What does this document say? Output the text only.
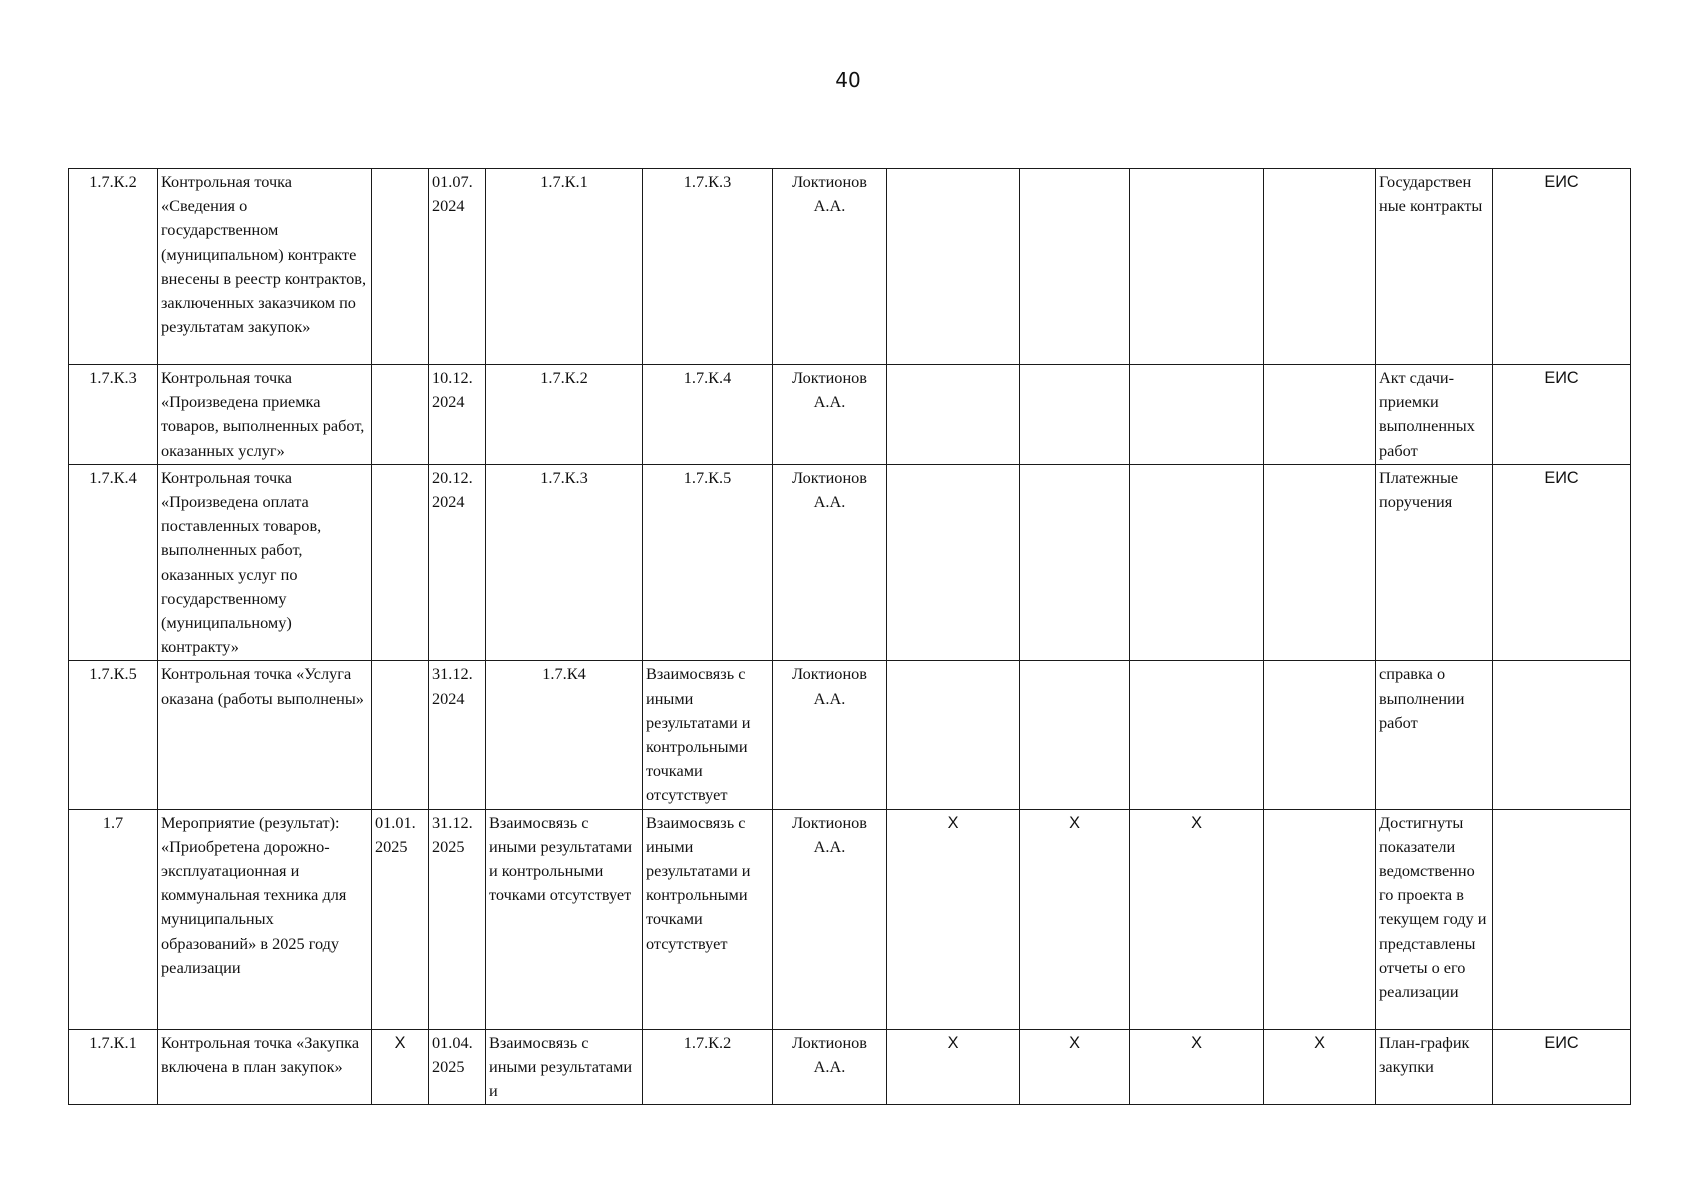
40
1.7.К.2	Контрольная точка «Сведения о государственном (муниципальном) контракте внесены в реестр контрактов, заключенных заказчиком по результатам закупок»		01.07. 2024	1.7.К.1	1.7.К.3	Локтионов А.А.					Государствен ные контракты	ЕИС
1.7.К.3	Контрольная точка «Произведена приемка товаров, выполненных работ, оказанных услуг»		10.12. 2024	1.7.К.2	1.7.К.4	Локтионов А.А.					Акт сдачи-приемки выполненных работ	ЕИС
1.7.К.4	Контрольная точка «Произведена оплата поставленных товаров, выполненных работ, оказанных услуг по государственному (муниципальному) контракту»		20.12. 2024	1.7.К.3	1.7.К.5	Локтионов А.А.					Платежные поручения	ЕИС
1.7.К.5	Контрольная точка «Услуга оказана (работы выполнены»		31.12. 2024	1.7.К4	Взаимосвязь с иными результатами и контрольными точками отсутствует	Локтионов А.А.					справка о выполнении работ	
1.7	Мероприятие (результат): «Приобретена дорожно-эксплуатационная и коммунальная техника для муниципальных образований» в 2025 году реализации	01.01. 2025	31.12. 2025	Взаимосвязь с иными результатами и контрольными точками отсутствует	Взаимосвязь с иными результатами и контрольными точками отсутствует	Локтионов А.А.	X	X	X		Достигнуты показатели ведомственно го проекта в текущем году и представлены отчеты о его реализации	
1.7.К.1	Контрольная точка «Закупка включена в план закупок»	X	01.04. 2025	Взаимосвязь с иными результатами и	1.7.К.2	Локтионов А.А.	X	X	X	X	План-график закупки	ЕИС
